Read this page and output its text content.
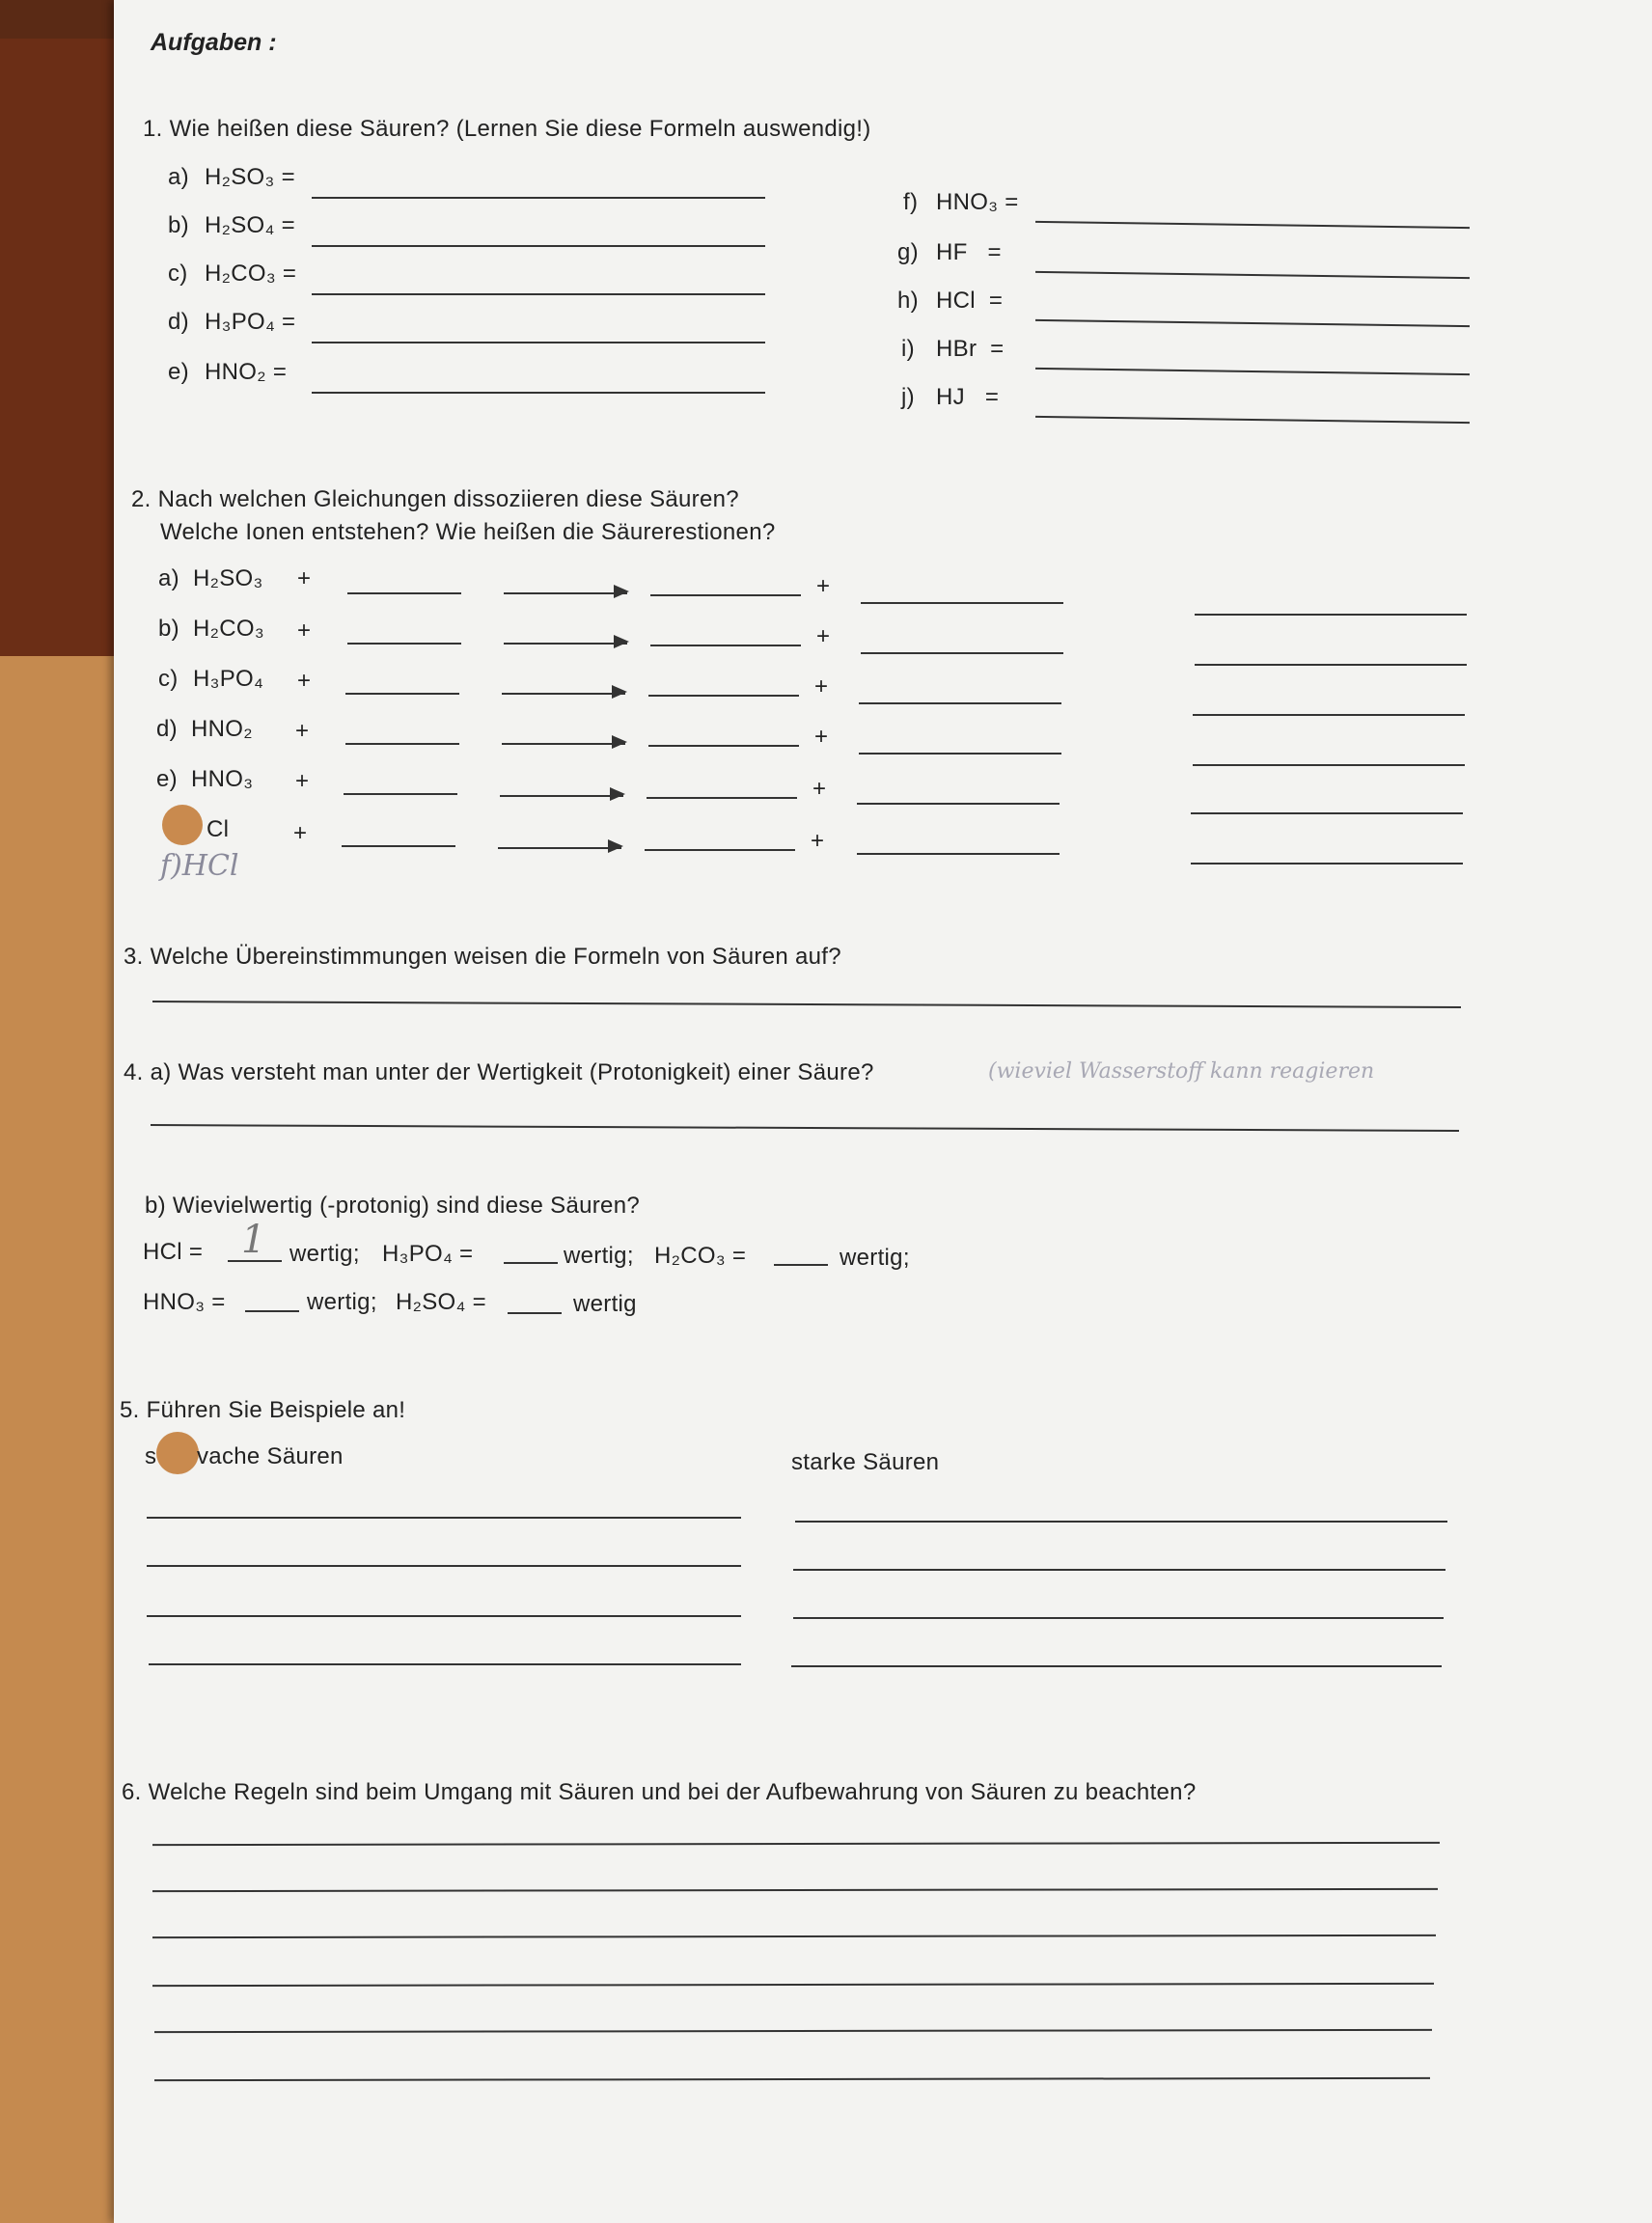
Aufgaben :
1. Wie heißen diese Säuren? (Lernen Sie diese Formeln auswendig!)
a) H₂SO₃ =
b) H₂SO₄ =
c) H₂CO₃ =
d) H₃PO₄ =
e) HNO₂ =
f) HNO₃ =
g) HF   =
h) HCl  =
i) HBr  =
j) HJ   =
2. Nach welchen Gleichungen dissoziieren diese Säuren?
Welche Ionen entstehen? Wie heißen die Säurerestionen?
a) H₂SO₃ +	+
b) H₂CO₃ +	+
c) H₃PO₄ +	+
d) HNO₂ +	+
e) HNO₃ +	+
Cl	+	+
f)HCl
3. Welche Übereinstimmungen weisen die Formeln von Säuren auf?
4. a) Was versteht man unter der Wertigkeit (Protonigkeit) einer Säure?	(wieviel Wasserstoff kann reagieren
b) Wievielwertig (-protonig) sind diese Säuren?
HCl = 1 wertig; H₃PO₄ =	wertig; H₂CO₃ =	wertig;
HNO₃ =	wertig; H₂SO₄ =	wertig
5. Führen Sie Beispiele an!
s vache Säuren	starke Säuren
6. Welche Regeln sind beim Umgang mit Säuren und bei der Aufbewahrung von Säuren zu beachten?
